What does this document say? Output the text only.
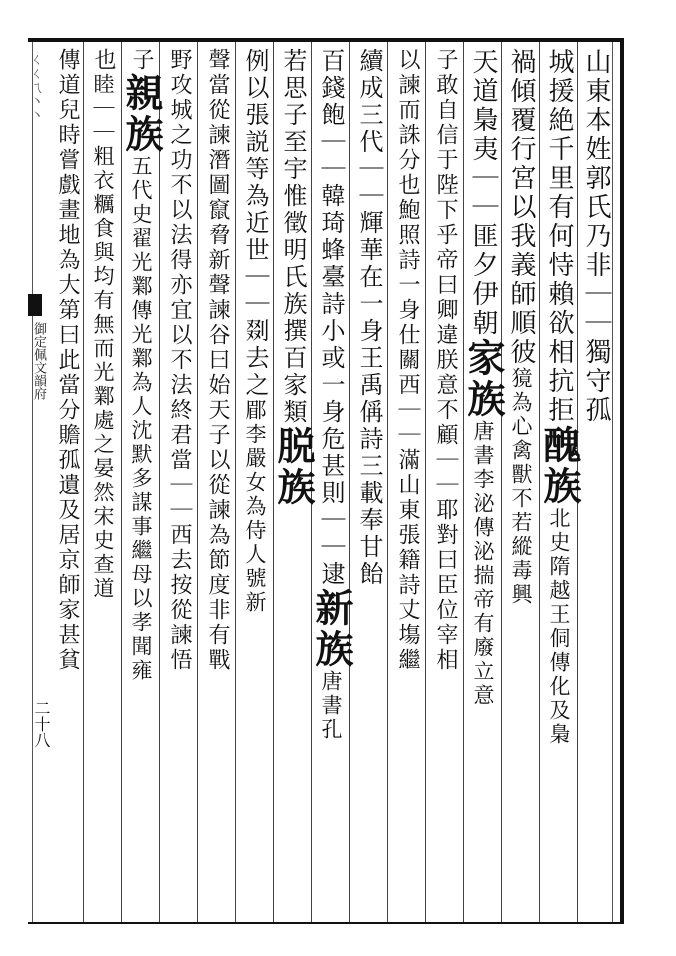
ㄑㄑㄟ丶丶
御定佩文韻府
二十八
山東本姓郭氏乃非｜｜獨守孤
城援絶千里有何恃賴欲相抗拒醜族北史隋越王侗傳化及梟
禍傾覆行宮以我義師順彼獍為心禽獸不若縱毒興
天道梟夷｜｜匪夕伊朝家族唐書李泌傳泌揣帝有廢立意
子敢自信于陛下乎帝曰卿違朕意不顧｜｜耶對曰臣位宰相
以諫而誅分也鮑照詩一身仕關西｜｜滿山東張籍詩丈塲繼
續成三代｜｜輝華在一身王禹偁詩三載奉甘飴
百錢飽｜｜韓琦蜂臺詩小或一身危甚則｜｜逮新族唐書孔
若思子至宇惟徵明氏族撰百家類脱族
例以張説等為近世｜｜剟去之郿李嚴女為侍人號新
聲當從諫潛圖竄脅新聲諫谷曰始天子以從諫為節度非有戰
野攻城之功不以法得亦宜以不法終君當｜｜西去按從諫悟
子親族五代史翟光鄴傳光鄴為人沈默多謀事繼母以孝聞雍
也睦｜｜粗衣糲食與均有無而光鄴處之晏然宋史查道
傳道兒時嘗戲畫地為大第曰此當分贍孤遺及居京師家甚貧
